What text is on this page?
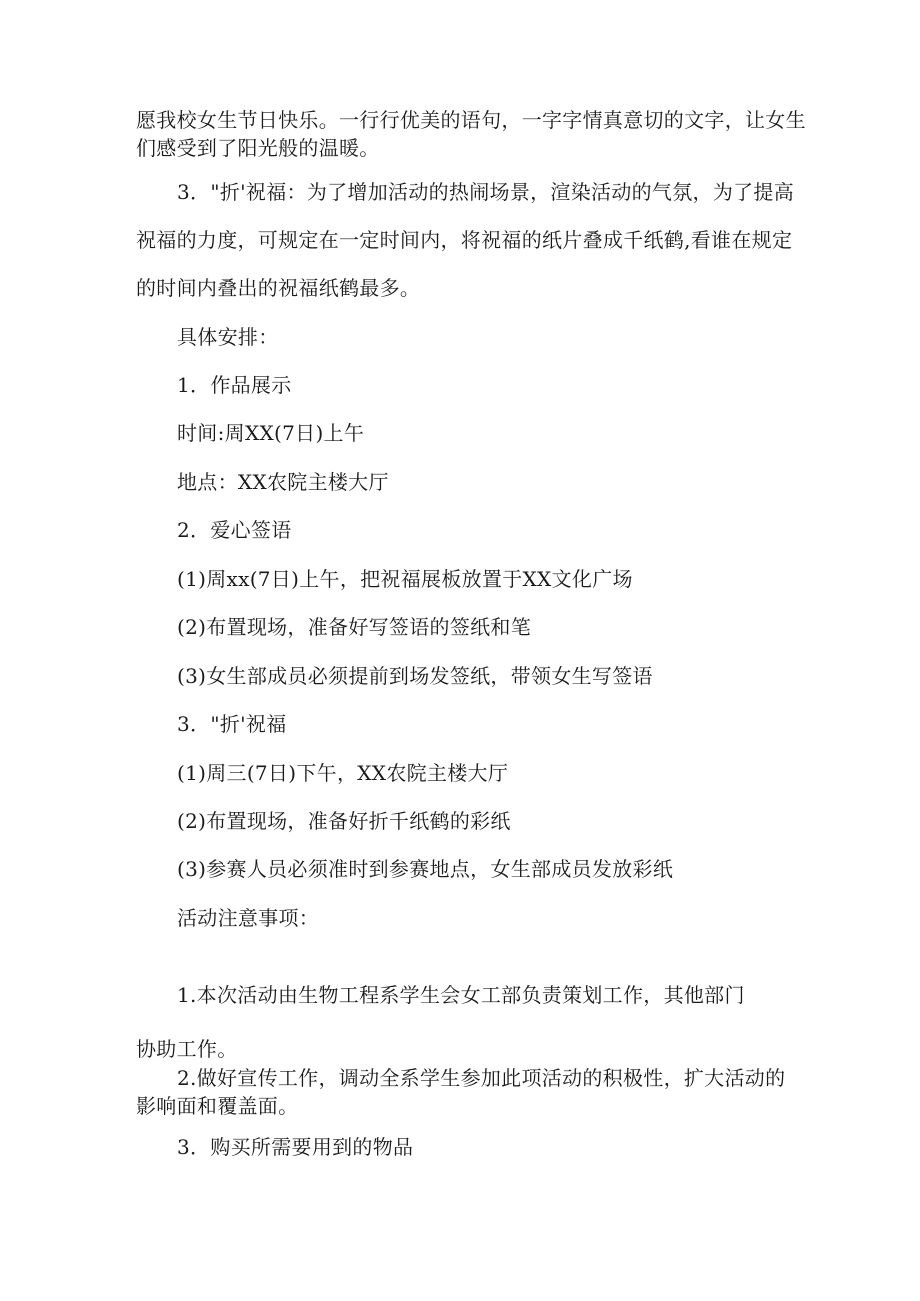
愿我校女生节日快乐。一行行优美的语句，一字字情真意切的文字，让女生
们感受到了阳光般的温暖。
3．"折'祝福：为了增加活动的热闹场景，渲染活动的气氛，为了提高
祝福的力度，可规定在一定时间内，将祝福的纸片叠成千纸鹤,看谁在规定
的时间内叠出的祝福纸鹤最多。
具体安排：
1．作品展示
时间:周XX(7日)上午
地点：XX农院主楼大厅
2．爱心签语
(1)周xx(7日)上午，把祝福展板放置于XX文化广场
(2)布置现场，准备好写签语的签纸和笔
(3)女生部成员必须提前到场发签纸，带领女生写签语
3．"折'祝福
(1)周三(7日)下午，XX农院主楼大厅
(2)布置现场，准备好折千纸鹤的彩纸
(3)参赛人员必须准时到参赛地点，女生部成员发放彩纸
活动注意事项：
1.本次活动由生物工程系学生会女工部负责策划工作，其他部门
协助工作。
2.做好宣传工作，调动全系学生参加此项活动的积极性，扩大活动的
影响面和覆盖面。
3．购买所需要用到的物品
